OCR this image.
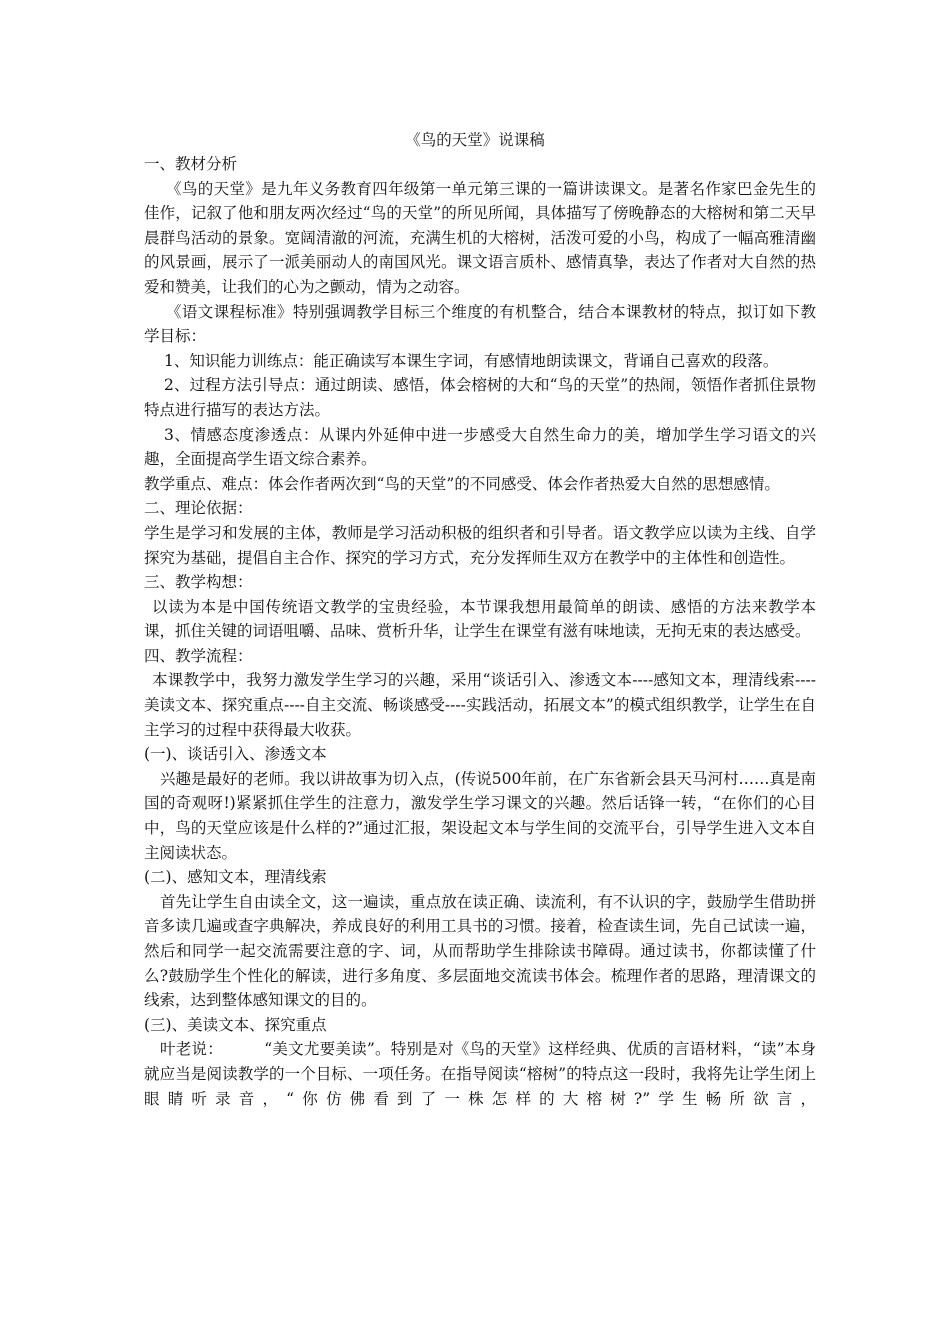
《鸟的天堂》说课稿

一、教材分析

《鸟的天堂》是九年义务教育四年级第一单元第三课的一篇讲读课文。是著名作家巴金先生的佳作，记叙了他和朋友两次经过“鸟的天堂”的所见所闻，具体描写了傍晚静态的大榕树和第二天早晨群鸟活动的景象。宽阔清澈的河流，充满生机的大榕树，活泼可爱的小鸟，构成了一幅高雅清幽的风景画，展示了一派美丽动人的南国风光。课文语言质朴、感情真挚，表达了作者对大自然的热爱和赞美，让我们的心为之颤动，情为之动容。

《语文课程标准》特别强调教学目标三个维度的有机整合，结合本课教材的特点，拟订如下教学目标：

1、知识能力训练点：能正确读写本课生字词，有感情地朗读课文，背诵自己喜欢的段落。

2、过程方法引导点：通过朗读、感悟，体会榕树的大和“鸟的天堂”的热闹，领悟作者抓住景物特点进行描写的表达方法。

3、情感态度渗透点：从课内外延伸中进一步感受大自然生命力的美，增加学生学习语文的兴趣，全面提高学生语文综合素养。

教学重点、难点：体会作者两次到“鸟的天堂”的不同感受、体会作者热爱大自然的思想感情。

二、理论依据：

学生是学习和发展的主体，教师是学习活动积极的组织者和引导者。语文教学应以读为主线、自学探究为基础，提倡自主合作、探究的学习方式，充分发挥师生双方在教学中的主体性和创造性。

三、教学构想：

以读为本是中国传统语文教学的宝贵经验，本节课我想用最简单的朗读、感悟的方法来教学本课，抓住关键的词语咀嚼、品味、赏析升华，让学生在课堂有滋有味地读，无拘无束的表达感受。

四、教学流程：

本课教学中，我努力激发学生学习的兴趣，采用“谈话引入、渗透文本----感知文本，理清线索----美读文本、探究重点----自主交流、畅谈感受----实践活动，拓展文本”的模式组织教学，让学生在自主学习的过程中获得最大收获。

(一)、谈话引入、渗透文本

兴趣是最好的老师。我以讲故事为切入点，(传说500年前，在广东省新会县天马河村……真是南国的奇观呀!)紧紧抓住学生的注意力，激发学生学习课文的兴趣。然后话锋一转，“在你们的心目中，鸟的天堂应该是什么样的?”通过汇报，架设起文本与学生间的交流平台，引导学生进入文本自主阅读状态。

(二)、感知文本，理清线索

首先让学生自由读全文，这一遍读，重点放在读正确、读流利，有不认识的字，鼓励学生借助拼音多读几遍或查字典解决，养成良好的利用工具书的习惯。接着，检查读生词，先自己试读一遍，然后和同学一起交流需要注意的字、词，从而帮助学生排除读书障碍。通过读书，你都读懂了什么?鼓励学生个性化的解读，进行多角度、多层面地交流读书体会。梳理作者的思路，理清课文的线索，达到整体感知课文的目的。

(三)、美读文本、探究重点

叶老说：        “美文尤要美读”。特别是对《鸟的天堂》这样经典、优质的言语材料，“读”本身就应当是阅读教学的一个目标、一项任务。在指导阅读“榕树”的特点这一段时，我将先让学生闭上眼睛听录音，“你仿佛看到了一株怎样的大榕树?”学生畅所欲言，
